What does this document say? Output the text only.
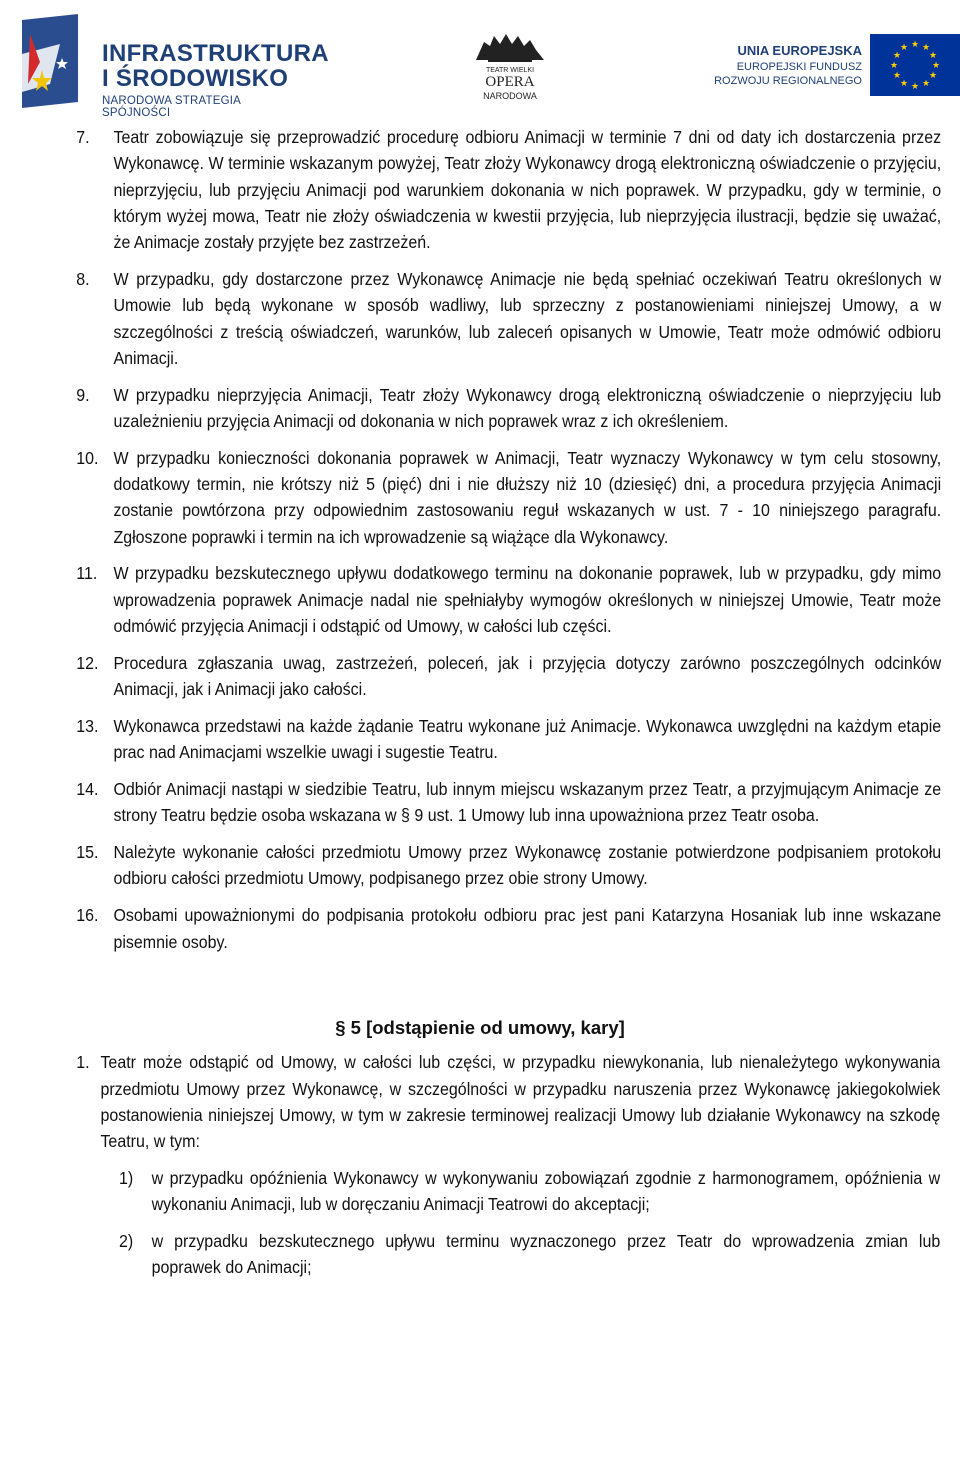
INFRASTRUKTURA
I ŚRODOWISKO
NARODOWA STRATEGIA SPÓJNOŚCI
TEATR WIELKI
OPERA
NARODOWA
UNIA EUROPEJSKA
EUROPEJSKI FUNDUSZ
ROZWOJU REGIONALNEGO
★ ★
★
★
★
★
★
★
★
★
★
★
7. Teatr zobowiązuje się przeprowadzić procedurę odbioru Animacji w terminie 7 dni od daty ich dostarczenia przez Wykonawcę. W terminie wskazanym powyżej, Teatr złoży Wykonawcy drogą elektroniczną oświadczenie o przyjęciu, nieprzyjęciu, lub przyjęciu Animacji pod warunkiem dokonania w nich poprawek. W przypadku, gdy w terminie, o którym wyżej mowa, Teatr nie złoży oświadczenia w kwestii przyjęcia, lub nieprzyjęcia ilustracji, będzie się uważać, że Animacje zostały przyjęte bez zastrzeżeń.
8. W przypadku, gdy dostarczone przez Wykonawcę Animacje nie będą spełniać oczekiwań Teatru określonych w Umowie lub będą wykonane w sposób wadliwy, lub sprzeczny z postanowieniami niniejszej Umowy, a w szczególności z treścią oświadczeń, warunków, lub zaleceń opisanych w Umowie, Teatr może odmówić odbioru Animacji.
9. W przypadku nieprzyjęcia Animacji, Teatr złoży Wykonawcy drogą elektroniczną oświadczenie o nieprzyjęciu lub uzależnieniu przyjęcia Animacji od dokonania w nich poprawek wraz z ich określeniem.
10. W przypadku konieczności dokonania poprawek w Animacji, Teatr wyznaczy Wykonawcy w tym celu stosowny, dodatkowy termin, nie krótszy niż 5 (pięć) dni i nie dłuższy niż 10 (dziesięć) dni, a procedura przyjęcia Animacji zostanie powtórzona przy odpowiednim zastosowaniu reguł wskazanych w ust. 7 - 10 niniejszego paragrafu. Zgłoszone poprawki i termin na ich wprowadzenie są wiążące dla Wykonawcy.
11. W przypadku bezskutecznego upływu dodatkowego terminu na dokonanie poprawek, lub w przypadku, gdy mimo wprowadzenia poprawek Animacje nadal nie spełniałyby wymogów określonych w niniejszej Umowie, Teatr może odmówić przyjęcia Animacji i odstąpić od Umowy, w całości lub części.
12. Procedura zgłaszania uwag, zastrzeżeń, poleceń, jak i przyjęcia dotyczy zarówno poszczególnych odcinków Animacji, jak i Animacji jako całości.
13. Wykonawca przedstawi na każde żądanie Teatru wykonane już Animacje. Wykonawca uwzględni na każdym etapie prac nad Animacjami wszelkie uwagi i sugestie Teatru.
14. Odbiór Animacji nastąpi w siedzibie Teatru, lub innym miejscu wskazanym przez Teatr, a przyjmującym Animacje ze strony Teatru będzie osoba wskazana w § 9 ust. 1 Umowy lub inna upoważniona przez Teatr osoba.
15. Należyte wykonanie całości przedmiotu Umowy przez Wykonawcę zostanie potwierdzone podpisaniem protokołu odbioru całości przedmiotu Umowy, podpisanego przez obie strony Umowy.
16. Osobami upoważnionymi do podpisania protokołu odbioru prac jest pani Katarzyna Hosaniak lub inne wskazane pisemnie osoby.
§ 5 [odstąpienie od umowy, kary]
1. Teatr może odstąpić od Umowy, w całości lub części, w przypadku niewykonania, lub nienależytego wykonywania przedmiotu Umowy przez Wykonawcę, w szczególności w przypadku naruszenia przez Wykonawcę jakiegokolwiek postanowienia niniejszej Umowy, w tym w zakresie terminowej realizacji Umowy lub działanie Wykonawcy na szkodę Teatru, w tym:
1) w przypadku opóźnienia Wykonawcy w wykonywaniu zobowiązań zgodnie z harmonogramem, opóźnienia w wykonaniu Animacji, lub w doręczaniu Animacji Teatrowi do akceptacji;
2) w przypadku bezskutecznego upływu terminu wyznaczonego przez Teatr do wprowadzenia zmian lub poprawek do Animacji;
